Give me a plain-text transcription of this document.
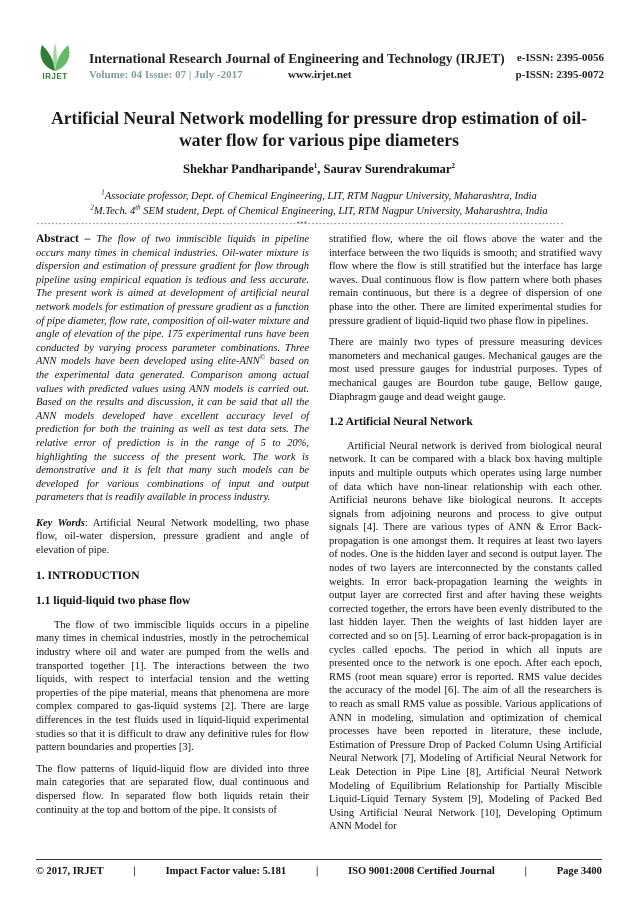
IRJET
International Research Journal of Engineering and Technology (IRJET)
Volume: 04 Issue: 07 | July -2017	www.irjet.net
e-ISSN: 2395-0056
p-ISSN: 2395-0072
Artificial Neural Network modelling for pressure drop estimation of oil-water flow for various pipe diameters
Shekhar Pandharipande$^1$, Saurav Surendrakumar$^2$
$^1$Associate professor, Dept. of Chemical Engineering, LIT, RTM Nagpur University, Maharashtra, India
$^2$M.Tech. 4th SEM student, Dept. of Chemical Engineering, LIT, RTM Nagpur University, Maharashtra, India
----------------------------------------------------------------------***---------------------------------------------------------------------

Abstract – The flow of two immiscible liquids in pipeline occurs many times in chemical industries. Oil-water mixture is dispersion and estimation of pressure gradient for flow through pipeline using empirical equation is tedious and less accurate. The present work is aimed at development of artificial neural network models for estimation of pressure gradient as a function of pipe diameter, flow rate, composition of oil-water mixture and angle of elevation of the pipe. 175 experimental runs have been conducted by varying process parameter combinations. Three ANN models have been developed using elite-ANN© based on the experimental data generated. Comparison among actual values with predicted values using ANN models is carried out. Based on the results and discussion, it can be said that all the ANN models developed have excellent accuracy level of prediction for both the training as well as test data sets. The relative error of prediction is in the range of 5 to 20%, highlighting the success of the present work. The work is demonstrative and it is felt that many such models can be developed for various combinations of input and output parameters that is readily available in process industry.

Key Words: Artificial Neural Network modelling, two phase flow, oil-water dispersion, pressure gradient and angle of elevation of pipe.

1. INTRODUCTION
1.1 liquid-liquid two phase flow

The flow of two immiscible liquids occurs in a pipeline many times in chemical industries, mostly in the petrochemical industry where oil and water are pumped from the wells and transported together [1]. The interactions between the two liquids, with respect to interfacial tension and the wetting properties of the pipe material, means that phenomena are more complex compared to gas-liquid systems [2]. There are large differences in the test fluids used in liquid-liquid experimental studies so that it is difficult to draw any definitive rules for flow pattern boundaries and properties [3].

The flow patterns of liquid-liquid flow are divided into three main categories that are separated flow, dual continuous and dispersed flow. In separated flow both liquids retain their continuity at the top and bottom of the pipe. It consists of

stratified flow, where the oil flows above the water and the interface between the two liquids is smooth; and stratified wavy flow where the flow is still stratified but the interface has large waves. Dual continuous flow is flow pattern where both phases remain continuous, but there is a degree of dispersion of one phase into the other. There are limited experimental studies for pressure gradient of liquid-liquid two phase flow in pipelines.

There are mainly two types of pressure measuring devices manometers and mechanical gauges. Mechanical gauges are the most used pressure gauges for industrial purposes. Types of mechanical gauges are Bourdon tube gauge, Bellow gauge, Diaphragm gauge and dead weight gauge.

1.2 Artificial Neural Network

Artificial Neural network is derived from biological neural network. It can be compared with a black box having multiple inputs and multiple outputs which operates using large number of data which have non-linear relationship with each other. Artificial neurons behave like biological neurons. It accepts signals from adjoining neurons and process to give output signals [4]. There are various types of ANN & Error Back-propagation is one amongst them. It requires at least two layers of nodes. One is the hidden layer and second is output layer. The nodes of two layers are interconnected by the constants called weights. In error back-propagation learning the weights in output layer are corrected first and after having these weights corrected together, the errors have been evenly distributed to the last hidden layer. Then the weights of last hidden layer are corrected and so on [5]. Learning of error back-propagation is in cycles called epochs. The period in which all inputs are presented once to the network is one epoch. After each epoch, RMS (root mean square) error is reported. RMS value decides the accuracy of the model [6]. The aim of all the researchers is to reach as small RMS value as possible. Various applications of ANN in modeling, simulation and optimization of chemical processes have been reported in literature, these include, Estimation of Pressure Drop of Packed Column Using Artificial Neural Network [7], Modeling of Artificial Neural Network for Leak Detection in Pipe Line [8], Artificial Neural Network Modeling of Equilibrium Relationship for Partially Miscible Liquid-Liquid Ternary System [9], Modeling of Packed Bed Using Artificial Neural Network [10], Developing Optimum ANN Model for

© 2017, IRJET	|	Impact Factor value: 5.181	|	ISO 9001:2008 Certified Journal	|	Page 3400
